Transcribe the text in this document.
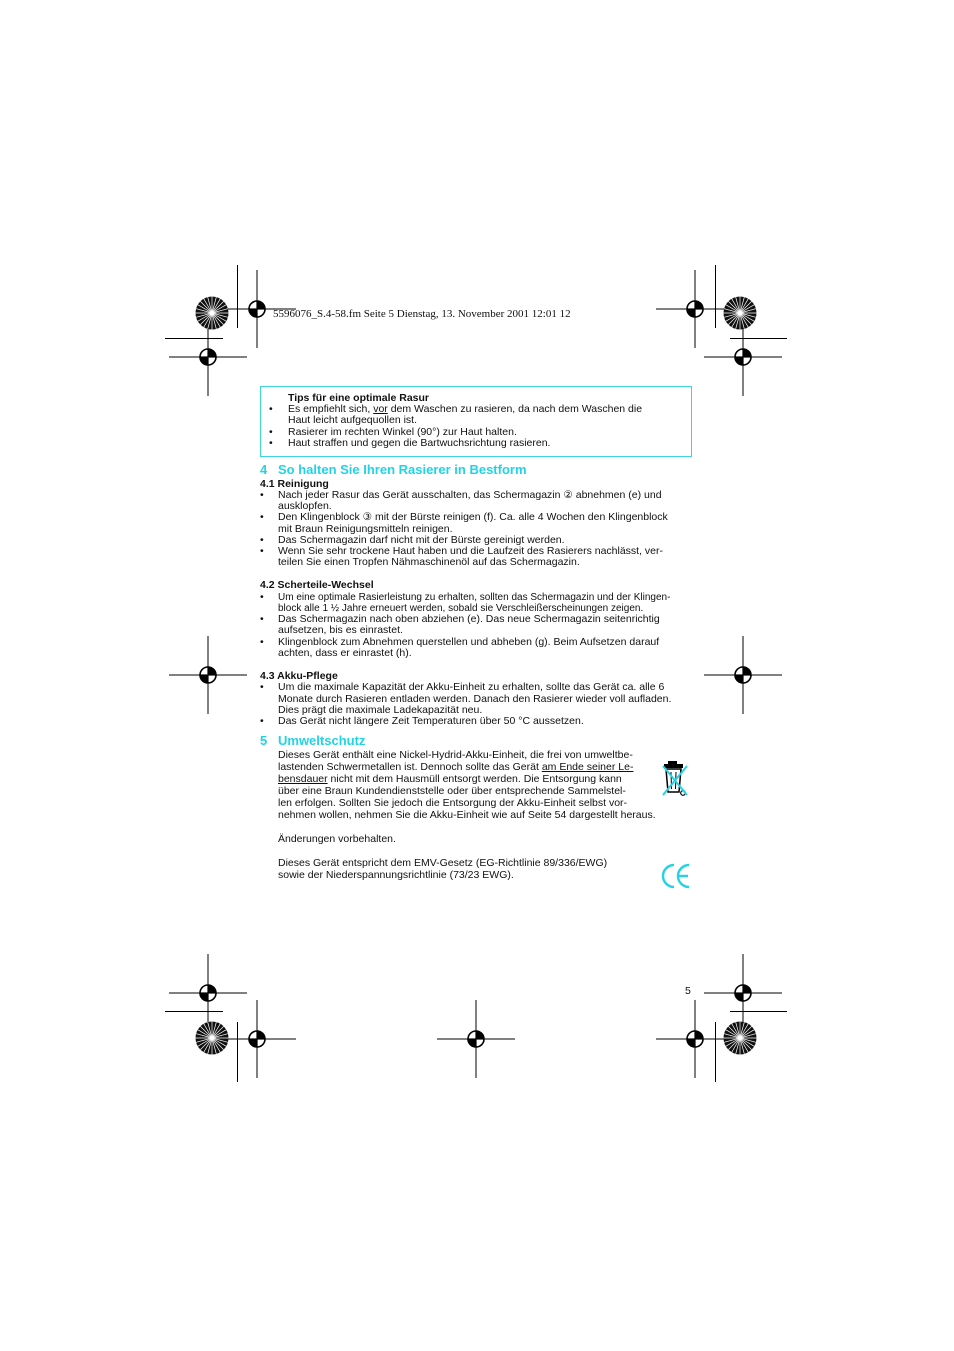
5596076_S.4-58.fm Seite 5 Dienstag, 13. November 2001 12:01 12
Tips für eine optimale Rasur
• Es empfiehlt sich, vor dem Waschen zu rasieren, da nach dem Waschen die
Haut leicht aufgequollen ist.
• Rasierer im rechten Winkel (90°) zur Haut halten.
• Haut straffen und gegen die Bartwuchsrichtung rasieren.
4 So halten Sie Ihren Rasierer in Bestform
4.1 Reinigung
• Nach jeder Rasur das Gerät ausschalten, das Schermagazin ② abnehmen (e) und
ausklopfen.
• Den Klingenblock ③ mit der Bürste reinigen (f). Ca. alle 4 Wochen den Klingenblock
mit Braun Reinigungsmitteln reinigen.
• Das Schermagazin darf nicht mit der Bürste gereinigt werden.
• Wenn Sie sehr trockene Haut haben und die Laufzeit des Rasierers nachlässt, ver-
teilen Sie einen Tropfen Nähmaschinenöl auf das Schermagazin.
4.2 Scherteile-Wechsel
• Um eine optimale Rasierleistung zu erhalten, sollten das Schermagazin und der Klingen-
block alle 1 ½ Jahre erneuert werden, sobald sie Verschleißerscheinungen zeigen.
• Das Schermagazin nach oben abziehen (e). Das neue Schermagazin seitenrichtig
aufsetzen, bis es einrastet.
• Klingenblock zum Abnehmen querstellen und abheben (g). Beim Aufsetzen darauf
achten, dass er einrastet (h).
4.3 Akku-Pflege
• Um die maximale Kapazität der Akku-Einheit zu erhalten, sollte das Gerät ca. alle 6
Monate durch Rasieren entladen werden. Danach den Rasierer wieder voll aufladen.
Dies prägt die maximale Ladekapazität neu.
• Das Gerät nicht längere Zeit Temperaturen über 50 °C aussetzen.
5 Umweltschutz
Dieses Gerät enthält eine Nickel-Hydrid-Akku-Einheit, die frei von umweltbe-
lastenden Schwermetallen ist. Dennoch sollte das Gerät am Ende seiner Le-
bensdauer nicht mit dem Hausmüll entsorgt werden. Die Entsorgung kann
über eine Braun Kundendienststelle oder über entsprechende Sammelstel-
len erfolgen. Sollten Sie jedoch die Entsorgung der Akku-Einheit selbst vor-
nehmen wollen, nehmen Sie die Akku-Einheit wie auf Seite 54 dargestellt heraus.
Änderungen vorbehalten.
Dieses Gerät entspricht dem EMV-Gesetz (EG-Richtlinie 89/336/EWG)
sowie der Niederspannungsrichtlinie (73/23 EWG).
5
